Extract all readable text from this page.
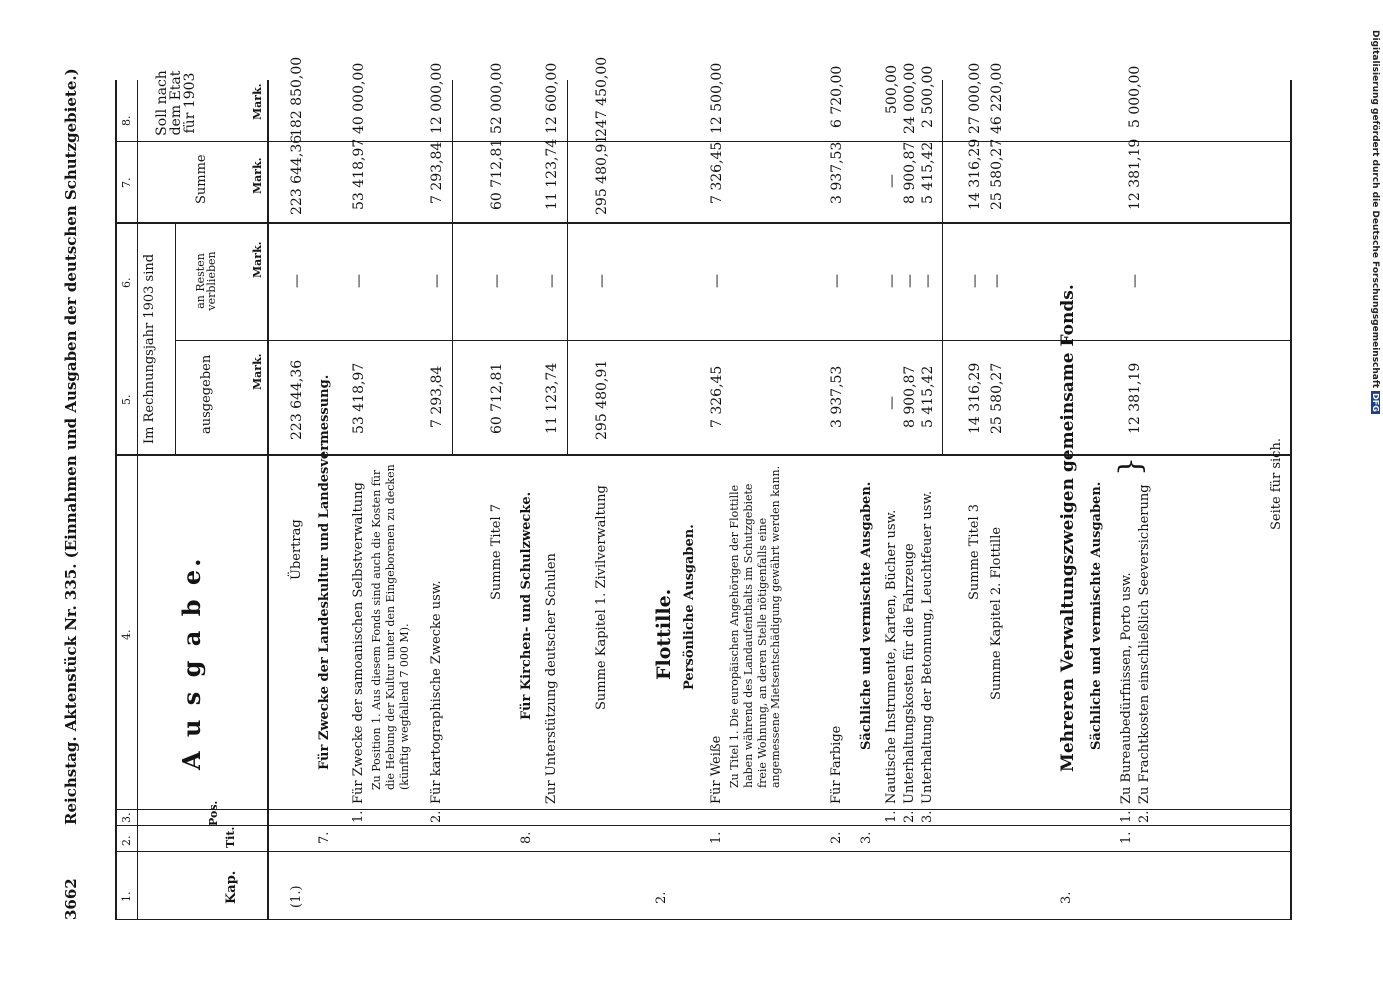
3662
Reichstag. Aktenstück Nr. 335. (Einnahmen und Ausgaben der deutschen Schutzgebiete.)
1.
2.
3.
4.
5.
6.
7.
8.
Kap.
Tit.
Pos.
A u s g a b e.
Im Rechnungsjahr 1903 sind	ausgegeben
an Resten verblieben
Summe
Soll nach dem Etat für 1903
Mark.
Mark.
Mark.
Mark.
(1.)
Übertrag
223 644,36
—
223 644,36
182 850,00
7.
Für Zwecke der Landeskultur und Landesvermessung.
1.
Für Zwecke der samoanischen Selbstverwaltung
53 418,97
—
53 418,97
40 000,00
Zu Position 1. Aus diesem Fonds sind auch die Kosten für die Hebung der Kultur unter den Eingeborenen zu decken (künftig wegfallend 7 000 M).
2.
Für kartographische Zwecke usw.
7 293,84
—
7 293,84
12 000,00
Summe Titel 7
60 712,81
—
60 712,81
52 000,00
8.
Für Kirchen- und Schulzwecke. Zur Unterstützung deutscher Schulen
11 123,74
—
11 123,74
12 600,00
Summe Kapitel 1. Zivilverwaltung
295 480,91
—
295 480,91
247 450,00
2.
Flottille. Persönliche Ausgaben.
1.
Für Weiße
7 326,45
—
7 326,45
12 500,00
Zu Titel 1. Die europäischen Angehörigen der Flottille haben während des Landaufenthalts im Schutzgebiete freie Wohnung, an deren Stelle nötigenfalls eine angemessene Mietsentschädigung gewährt werden kann.
2.
Für Farbige
3 937,53
—
3 937,53
6 720,00
3.
Sächliche und vermischte Ausgaben.
1.
Nautische Instrumente, Karten, Bücher usw.
—
—
—
500,00
2.
Unterhaltungskosten für die Fahrzeuge
8 900,87
—
8 900,87
24 000,00
3.
Unterhaltung der Betonnung, Leuchtfeuer usw.
5 415,42
—
5 415,42
2 500,00
Summe Titel 3
14 316,29
—
14 316,29
27 000,00
Summe Kapitel 2. Flottille
25 580,27
—
25 580,27
46 220,00
3.
Mehreren Verwaltungszweigen gemeinsame Fonds. Sächliche und vermischte Ausgaben.
1.
1.
Zu Bureaubedürfnissen, Porto usw.
2.
Zu Frachtkosten einschließlich Seeversicherung
}
12 381,19
—
12 381,19
5 000,00
Seite für sich.
Digitalisierung gefördert durch die Deutsche ForschungsgemeinschaftDFG
